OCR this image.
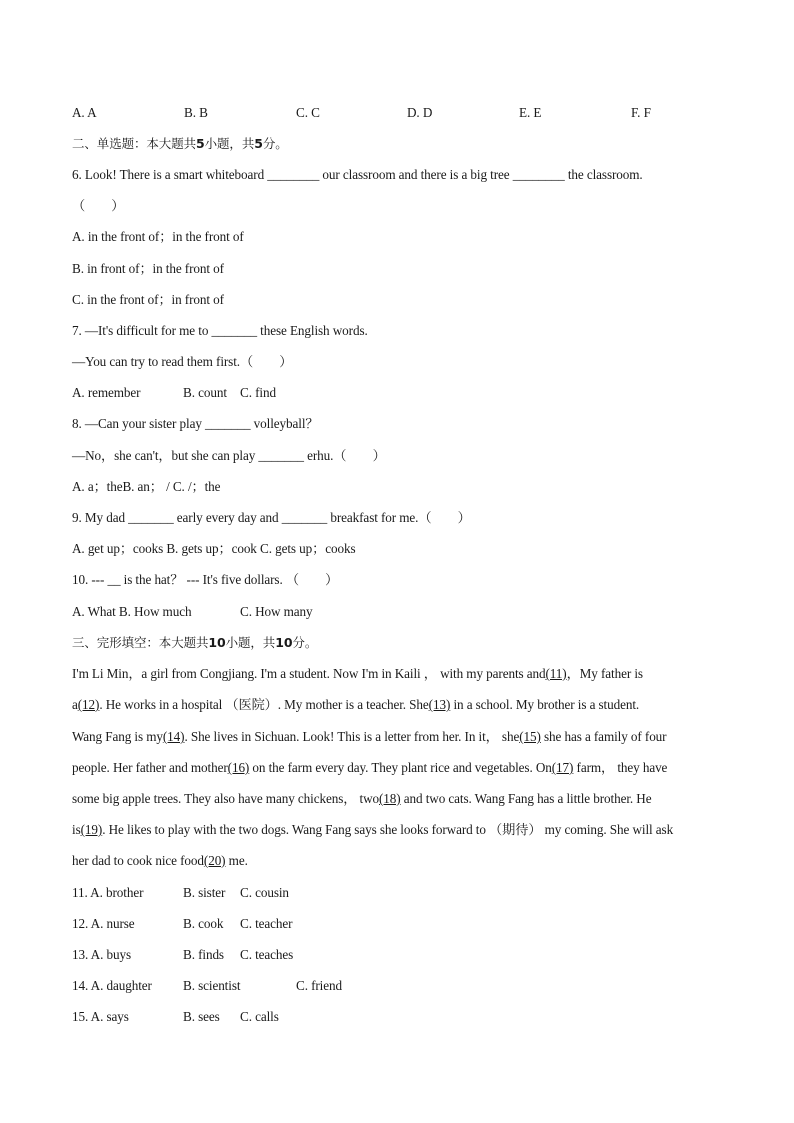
A. A	B. B	C. C	D. D	E. E	F. F
二、单选题：本大题共5小题，共5分。
6. Look! There is a smart whiteboard ________ our classroom and there is a big tree ________ the classroom.
（　　）
A. in the front of；in the front of
B. in front of；in the front of
C. in the front of；in front of
7. —It's difficult for me to _______ these English words.
—You can try to read them first.（　　）
A. remember	B. count C. find
8. —Can your sister play _______ volleyball？
—No，she can't，but she can play _______ erhu.（　　）
A. a；theB. an； / C. /；the
9. My dad _______ early every day and _______ breakfast for me.（　　）
A. get up；cooks B. gets up；cook C. gets up；cooks
10. --- __ is the hat？ --- It's five dollars. （　　）
A. What B. How much	C. How many
三、完形填空：本大题共10小题，共10分。
I'm Li Min，a girl from Congjiang. I'm a student. Now I'm in Kaili ， with my parents and(11)，My father is
a(12). He works in a hospital （医院）. My mother is a teacher. She(13) in a school. My brother is a student.
Wang Fang is my(14). She lives in Sichuan. Look! This is a letter from her. In it， she(15) she has a family of four
people. Her father and mother(16) on the farm every day. They plant rice and vegetables. On(17) farm， they have
some big apple trees. They also have many chickens， two(18) and two cats. Wang Fang has a little brother. He
is(19). He likes to play with the two dogs. Wang Fang says she looks forward to （期待） my coming. She will ask
her dad to cook nice food(20) me.
11. A. brother	B. sister C. cousin
12. A. nurse	B. cook C. teacher
13. A. buys	B. finds C. teaches
14. A. daughter B. scientist	C. friend
15. A. says	B. sees C. calls
